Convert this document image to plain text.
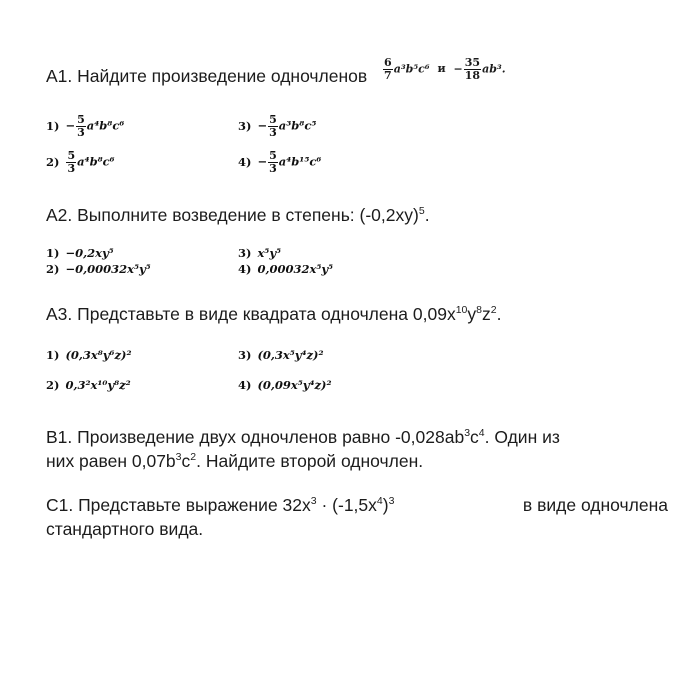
А1. Найдите произведение одночленов $\frac{6}{7} a^3b^5c^6$ $и - \frac{35}{18} ab^3$.
$1) - \frac{5}{3} a^4b^8c^6$	$3) - \frac{5}{3} a^3b^8c^5$
$2) \frac{5}{3} a^4b^8c^6$	$4) - \frac{5}{3} a^4b^{15}c^6$
А2. Выполните возведение в степень: $(-0,2xy)^5$.
1) −0,2xy⁵	3) x⁵y⁵
2) −0,00032x⁵y⁵	4) 0,00032x⁵y⁵
А3. Представьте в виде квадрата одночлена $0,09x^{10}y^8z^2$.
1) (0,3x⁸y⁶z)²	3) (0,3x⁵y⁴z)²
2) 0,3²x¹⁰y⁸z²	4) (0,09x⁵y⁴z)²
В1. Произведение двух одночленов равно $-0,028ab^3c^4$. Один из
них равен $0,07b^3c^2$. Найдите второй одночлен.
С1. Представьте выражение $32x^3 \cdot (-1,5x^4)^3$	в виде одночлена
стандартного вида.
